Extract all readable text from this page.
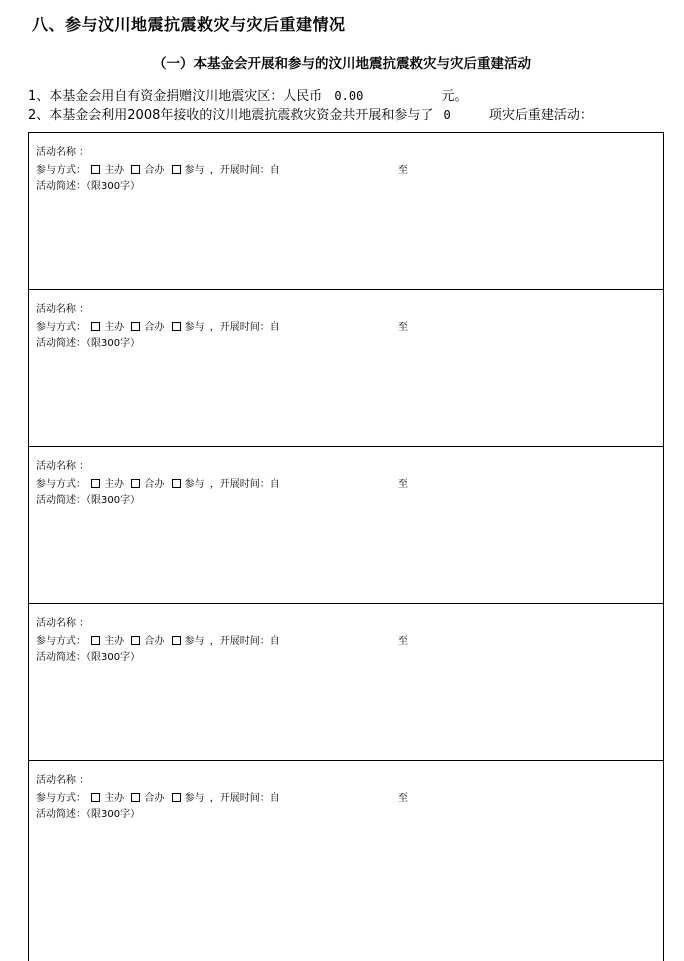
八、参与汶川地震抗震救灾与灾后重建情况
（一）本基金会开展和参与的汶川地震抗震救灾与灾后重建活动
1、本基金会用自有资金捐赠汶川地震灾区：人民币 0.00	元。
2、本基金会利用2008年接收的汶川地震抗震救灾资金共开展和参与了 0	项灾后重建活动：
活动名称 ：
参与方式： 主办 合办 参与 ，开展时间：自	至
活动简述：（限300字）
活动名称 ：
参与方式： 主办 合办 参与 ，开展时间：自	至
活动简述：（限300字）
活动名称 ：
参与方式： 主办 合办 参与 ，开展时间：自	至
活动简述：（限300字）
活动名称 ：
参与方式： 主办 合办 参与 ，开展时间：自	至
活动简述：（限300字）
活动名称 ：
参与方式： 主办 合办 参与 ，开展时间：自	至
活动简述：（限300字）
